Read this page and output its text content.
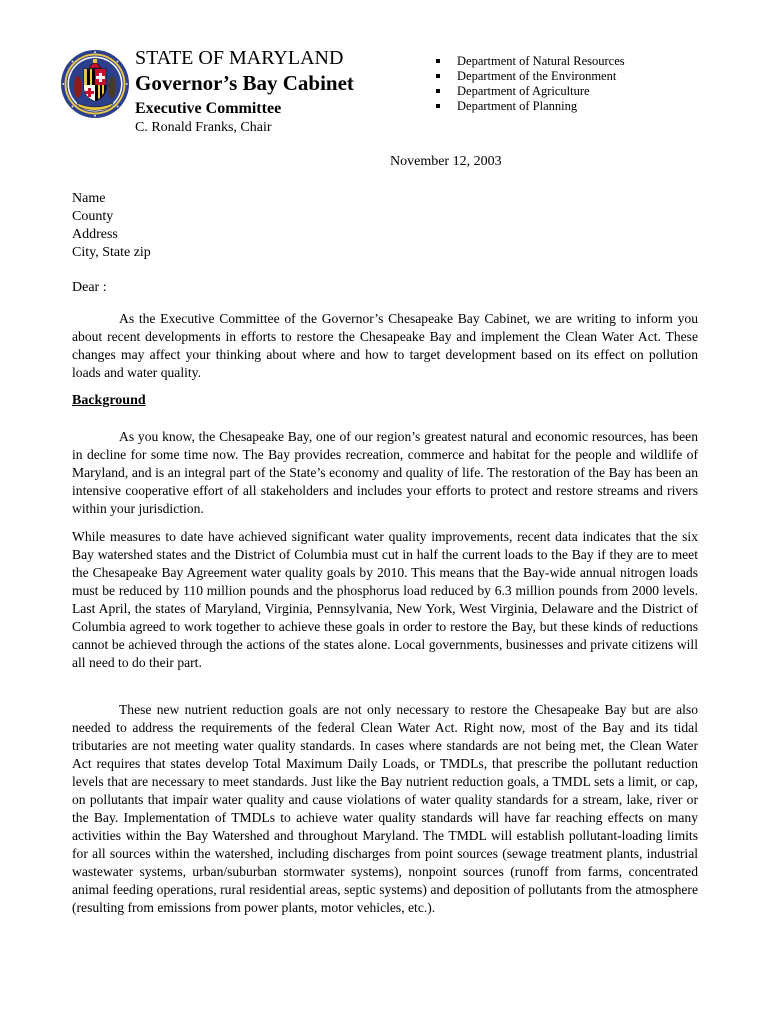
STATE OF MARYLAND
Governor’s Bay Cabinet
Executive Committee
C. Ronald Franks, Chair
Department of Natural Resources
Department of the Environment
Department of Agriculture
Department of Planning
November 12, 2003
Name
County
Address
City, State zip
Dear :

As the Executive Committee of the Governor’s Chesapeake Bay Cabinet, we are writing to inform you about recent developments in efforts to restore the Chesapeake Bay and implement the Clean Water Act. These changes may affect your thinking about where and how to target development based on its effect on pollution loads and water quality.

Background

As you know, the Chesapeake Bay, one of our region’s greatest natural and economic resources, has been in decline for some time now. The Bay provides recreation, commerce and habitat for the people and wildlife of Maryland, and is an integral part of the State’s economy and quality of life. The restoration of the Bay has been an intensive cooperative effort of all stakeholders and includes your efforts to protect and restore streams and rivers within your jurisdiction.

While measures to date have achieved significant water quality improvements, recent data indicates that the six Bay watershed states and the District of Columbia must cut in half the current loads to the Bay if they are to meet the Chesapeake Bay Agreement water quality goals by 2010. This means that the Bay-wide annual nitrogen loads must be reduced by 110 million pounds and the phosphorus load reduced by 6.3 million pounds from 2000 levels. Last April, the states of Maryland, Virginia, Pennsylvania, New York, West Virginia, Delaware and the District of Columbia agreed to work together to achieve these goals in order to restore the Bay, but these kinds of reductions cannot be achieved through the actions of the states alone. Local governments, businesses and private citizens will all need to do their part.

These new nutrient reduction goals are not only necessary to restore the Chesapeake Bay but are also needed to address the requirements of the federal Clean Water Act. Right now, most of the Bay and its tidal tributaries are not meeting water quality standards. In cases where standards are not being met, the Clean Water Act requires that states develop Total Maximum Daily Loads, or TMDLs, that prescribe the pollutant reduction levels that are necessary to meet standards. Just like the Bay nutrient reduction goals, a TMDL sets a limit, or cap, on pollutants that impair water quality and cause violations of water quality standards for a stream, lake, river or the Bay. Implementation of TMDLs to achieve water quality standards will have far reaching effects on many activities within the Bay Watershed and throughout Maryland. The TMDL will establish pollutant-loading limits for all sources within the watershed, including discharges from point sources (sewage treatment plants, industrial wastewater systems, urban/suburban stormwater systems), nonpoint sources (runoff from farms, concentrated animal feeding operations, rural residential areas, septic systems) and deposition of pollutants from the atmosphere (resulting from emissions from power plants, motor vehicles, etc.).
